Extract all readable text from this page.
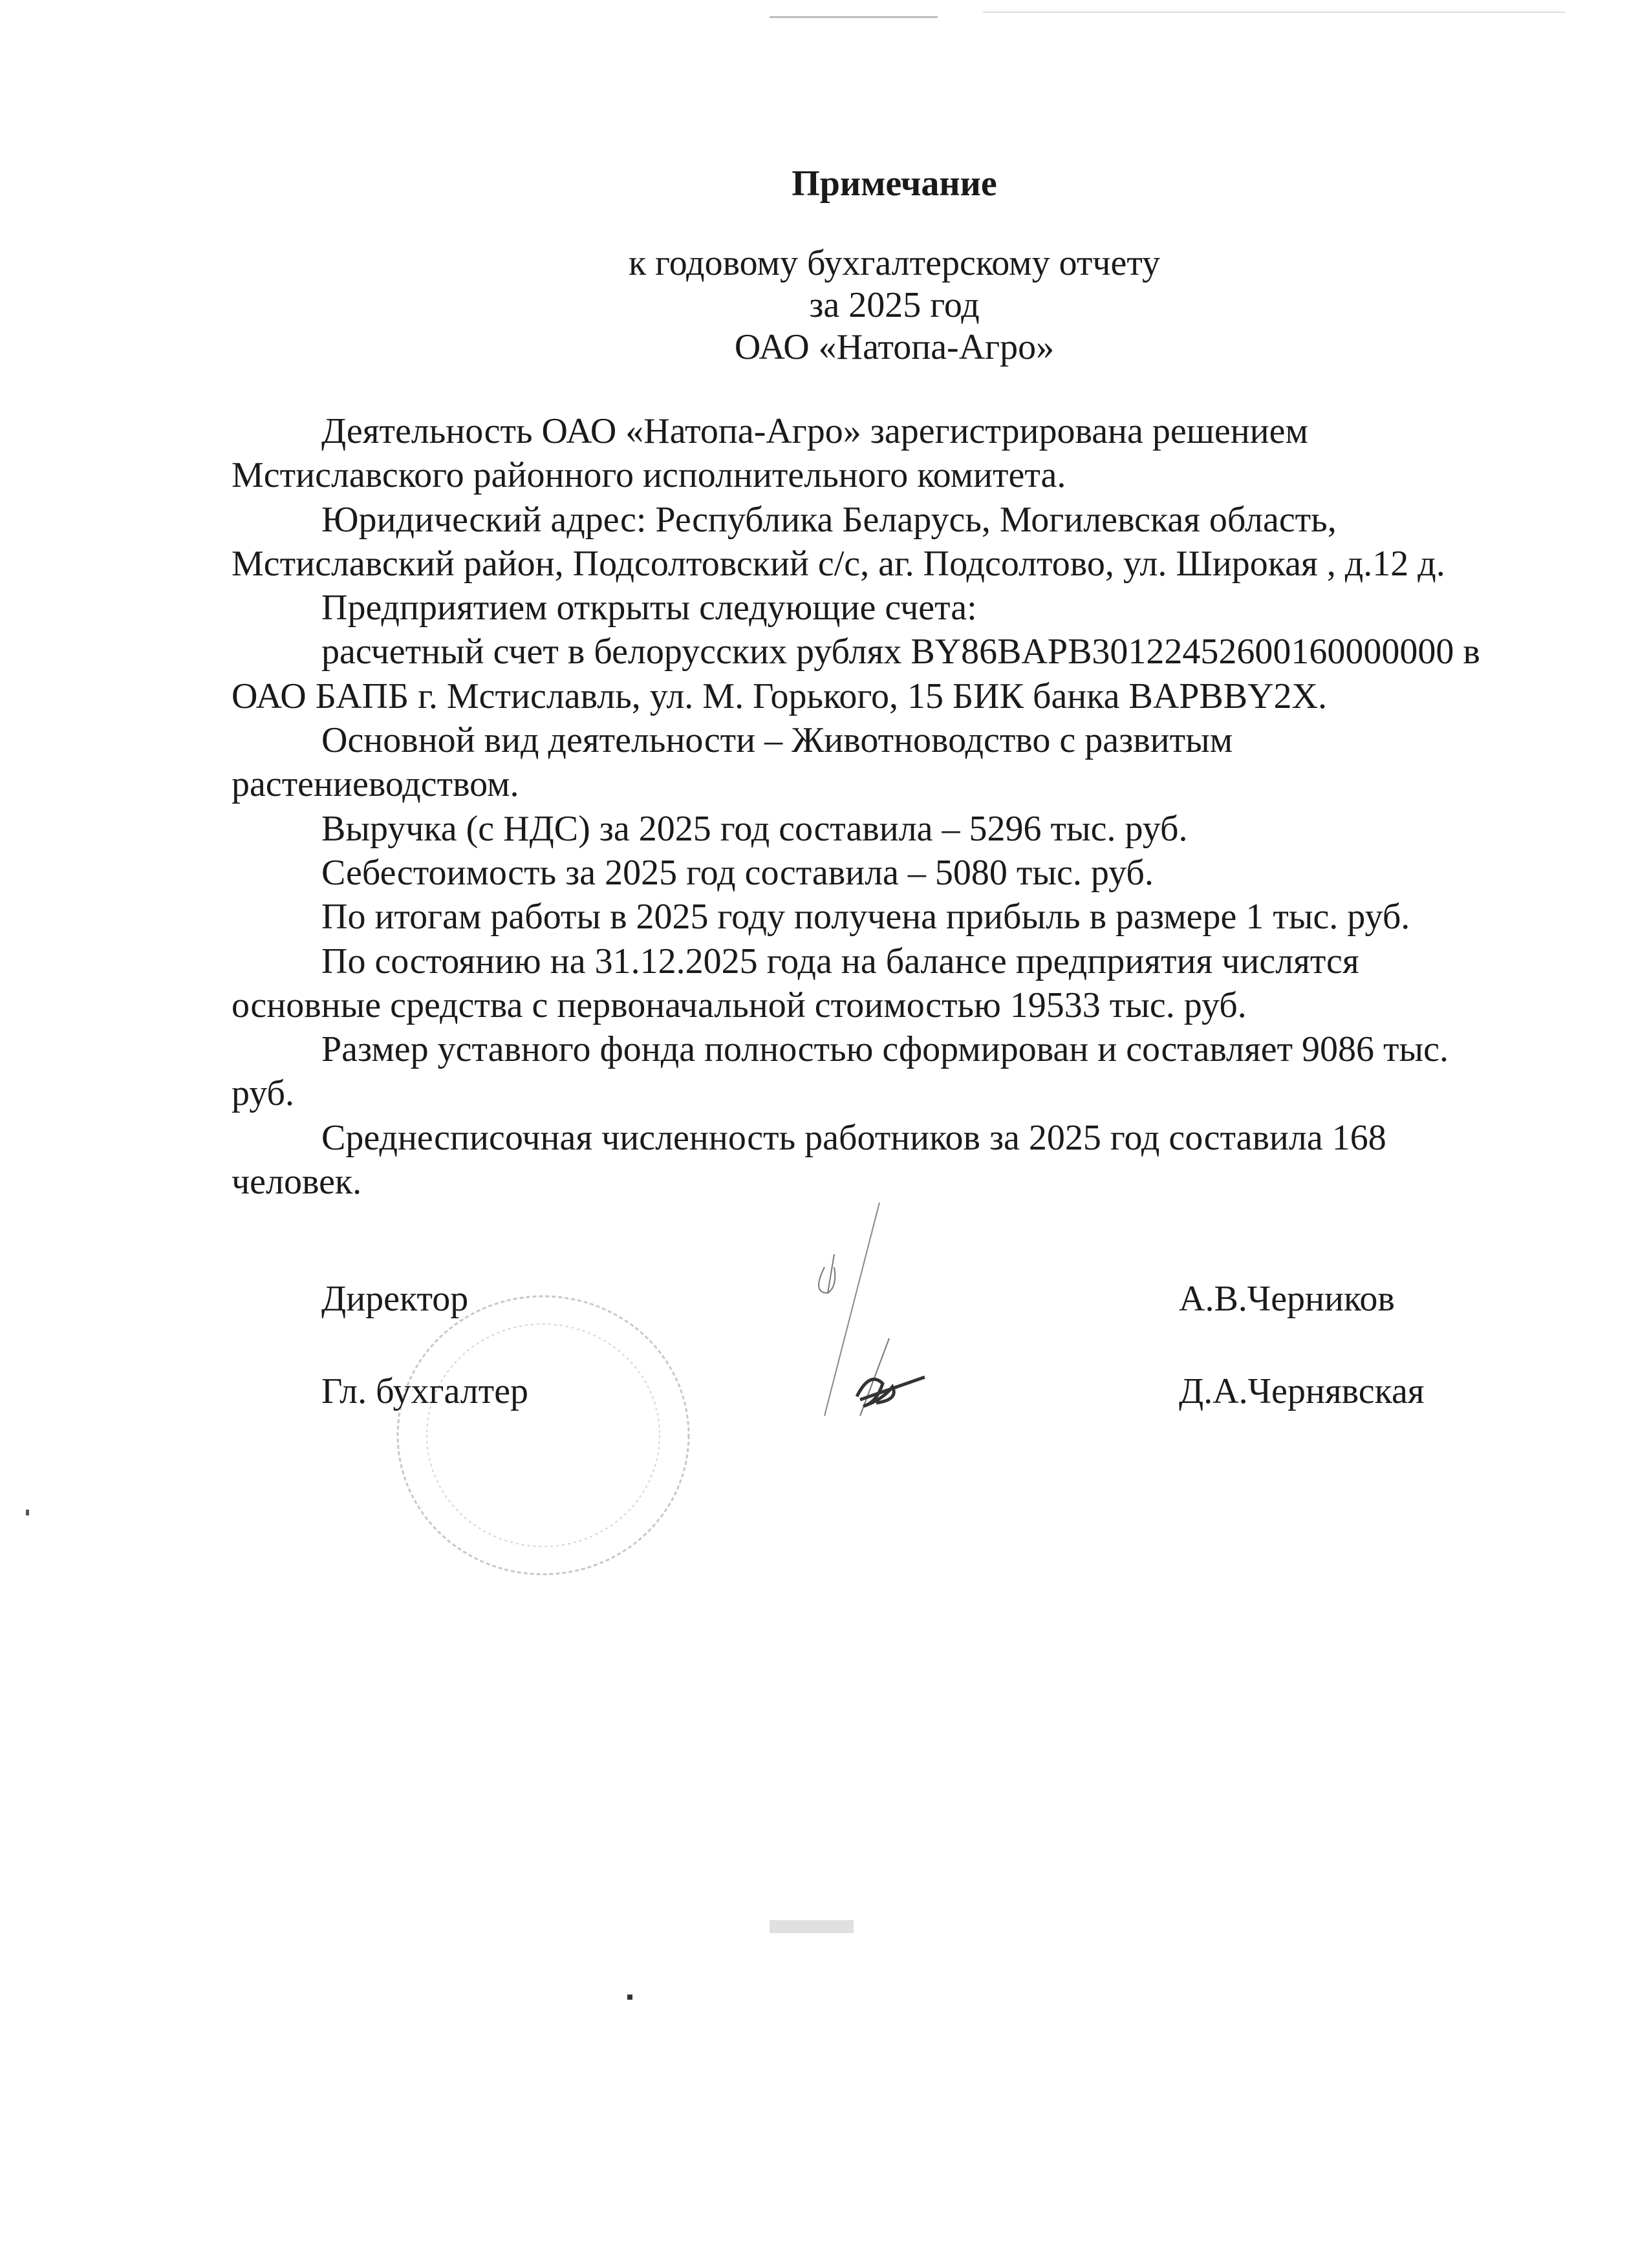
Примечание
к годовому бухгалтерскому отчету
за 2025 год
ОАО «Натопа-Агро»
Деятельность ОАО «Натопа-Агро» зарегистрирована решением
Мстиславского районного исполнительного комитета.
Юридический адрес: Республика Беларусь, Могилевская область,
Мстиславский район, Подсолтовский с/с, аг. Подсолтово, ул. Широкая , д.12 д.
Предприятием открыты следующие счета:
расчетный счет в белорусских рублях BY86BAPB30122452600160000000 в
ОАО БАПБ г. Мстиславль, ул. М. Горького, 15 БИК банка BAPBBY2X.
Основной вид деятельности – Животноводство с развитым
растениеводством.
Выручка (с НДС) за 2025 год составила – 5296 тыс. руб.
Себестоимость за 2025 год составила – 5080 тыс. руб.
По итогам работы в 2025 году получена прибыль в размере 1 тыс. руб.
По состоянию на 31.12.2025 года на балансе предприятия числятся
основные средства с первоначальной стоимостью 19533 тыс. руб.
Размер уставного фонда полностью сформирован и составляет 9086 тыс.
руб.
Среднесписочная численность работников за 2025 год составила 168
человек.
Директор	А.В.Черников
Гл. бухгалтер	Д.А.Чернявская
